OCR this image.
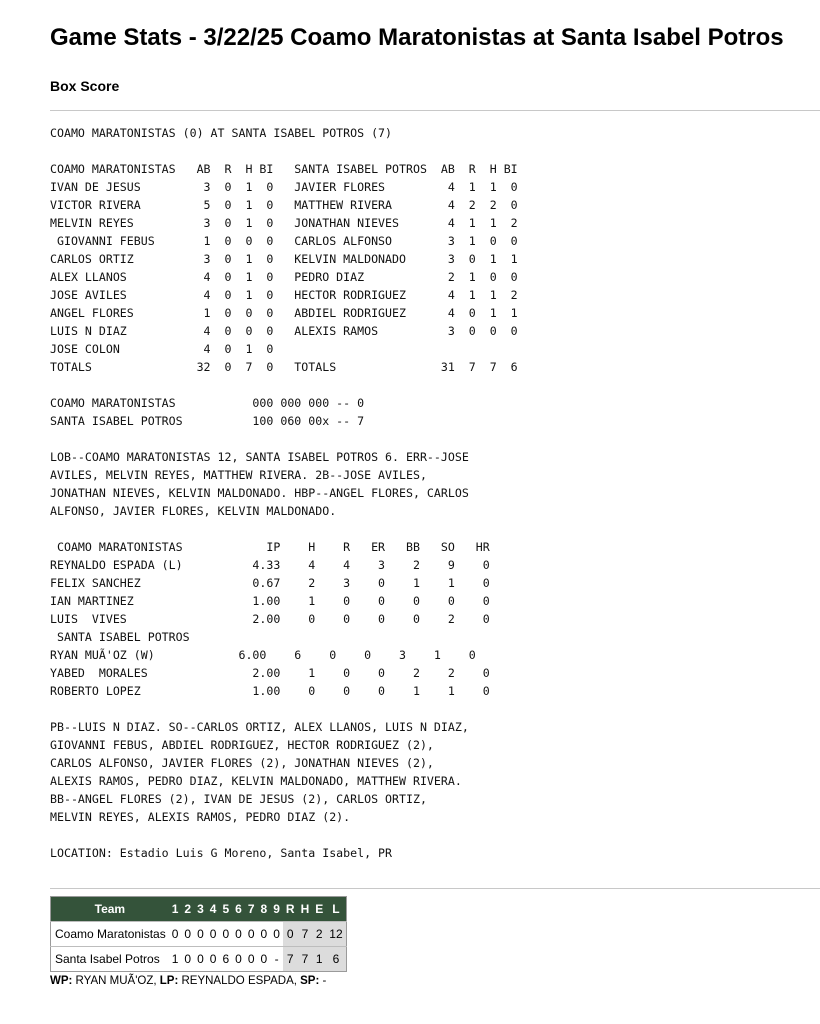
Game Stats - 3/22/25 Coamo Maratonistas at Santa Isabel Potros
Box Score
COAMO MARATONISTAS (0) AT SANTA ISABEL POTROS (7)

COAMO MARATONISTAS   AB  R  H BI   SANTA ISABEL POTROS  AB  R  H BI
IVAN DE JESUS         3  0  1  0   JAVIER FLORES         4  1  1  0
VICTOR RIVERA         5  0  1  0   MATTHEW RIVERA        4  2  2  0
MELVIN REYES          3  0  1  0   JONATHAN NIEVES       4  1  1  2
GIOVANNI FEBUS       1  0  0  0   CARLOS ALFONSO        3  1  0  0
CARLOS ORTIZ          3  0  1  0   KELVIN MALDONADO      3  0  1  1
ALEX LLANOS           4  0  1  0   PEDRO DIAZ            2  1  0  0
JOSE AVILES           4  0  1  0   HECTOR RODRIGUEZ      4  1  1  2
ANGEL FLORES          1  0  0  0   ABDIEL RODRIGUEZ      4  0  1  1
LUIS N DIAZ           4  0  0  0   ALEXIS RAMOS          3  0  0  0
JOSE COLON            4  0  1  0
TOTALS               32  0  7  0   TOTALS               31  7  7  6

COAMO MARATONISTAS           000 000 000 -- 0
SANTA ISABEL POTROS          100 060 00x -- 7

LOB--COAMO MARATONISTAS 12, SANTA ISABEL POTROS 6. ERR--JOSE
AVILES, MELVIN REYES, MATTHEW RIVERA. 2B--JOSE AVILES,
JONATHAN NIEVES, KELVIN MALDONADO. HBP--ANGEL FLORES, CARLOS
ALFONSO, JAVIER FLORES, KELVIN MALDONADO.

COAMO MARATONISTAS            IP    H    R   ER   BB   SO   HR
REYNALDO ESPADA (L)          4.33    4    4    3    2    9    0
FELIX SANCHEZ                0.67    2    3    0    1    1    0
IAN MARTINEZ                 1.00    1    0    0    0    0    0
LUIS  VIVES                  2.00    0    0    0    0    2    0
SANTA ISABEL POTROS
RYAN MUÃ'OZ (W)            6.00    6    0    0    3    1    0
YABED  MORALES               2.00    1    0    0    2    2    0
ROBERTO LOPEZ                1.00    0    0    0    1    1    0

PB--LUIS N DIAZ. SO--CARLOS ORTIZ, ALEX LLANOS, LUIS N DIAZ,
GIOVANNI FEBUS, ABDIEL RODRIGUEZ, HECTOR RODRIGUEZ (2),
CARLOS ALFONSO, JAVIER FLORES (2), JONATHAN NIEVES (2),
ALEXIS RAMOS, PEDRO DIAZ, KELVIN MALDONADO, MATTHEW RIVERA.
BB--ANGEL FLORES (2), IVAN DE JESUS (2), CARLOS ORTIZ,
MELVIN REYES, ALEXIS RAMOS, PEDRO DIAZ (2).

LOCATION: Estadio Luis G Moreno, Santa Isabel, PR
Team	1	2	3	4	5	6	7	8	9	R	H	E	L
Coamo Maratonistas	0	0	0	0	0	0	0	0	0	0	7	2	12
Santa Isabel Potros	1	0	0	0	6	0	0	0	-	7	7	1	6
WP: RYAN MUÃ'OZ, LP: REYNALDO ESPADA, SP: -
